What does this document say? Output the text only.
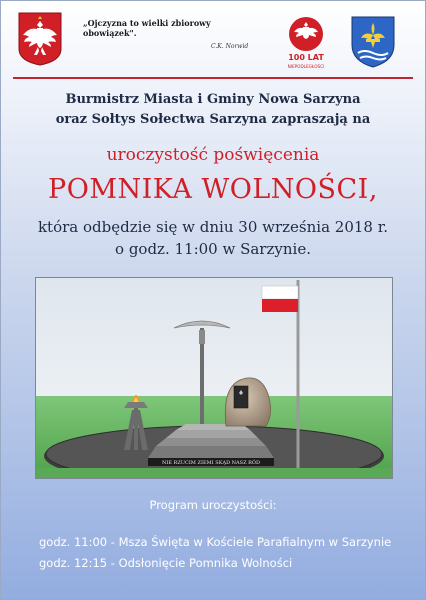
„Ojczyzna to wielki zbiorowy obowiązek".
C.K. Norwid
100 LAT
NIEPODLEGŁOŚCI
Burmistrz Miasta i Gminy Nowa Sarzyna
oraz Sołtys Sołectwa Sarzyna zapraszają na
uroczystość poświęcenia
POMNIKA WOLNOŚCI,
która odbędzie się w dniu 30 września 2018 r.
o godz. 11:00 w Sarzynie.
NIE RZUCIM ZIEMI SKĄD NASZ RÓD
Program uroczystości:
godz. 11:00 - Msza Święta w Kościele Parafialnym w Sarzynie
godz. 12:15 - Odsłonięcie Pomnika Wolności
